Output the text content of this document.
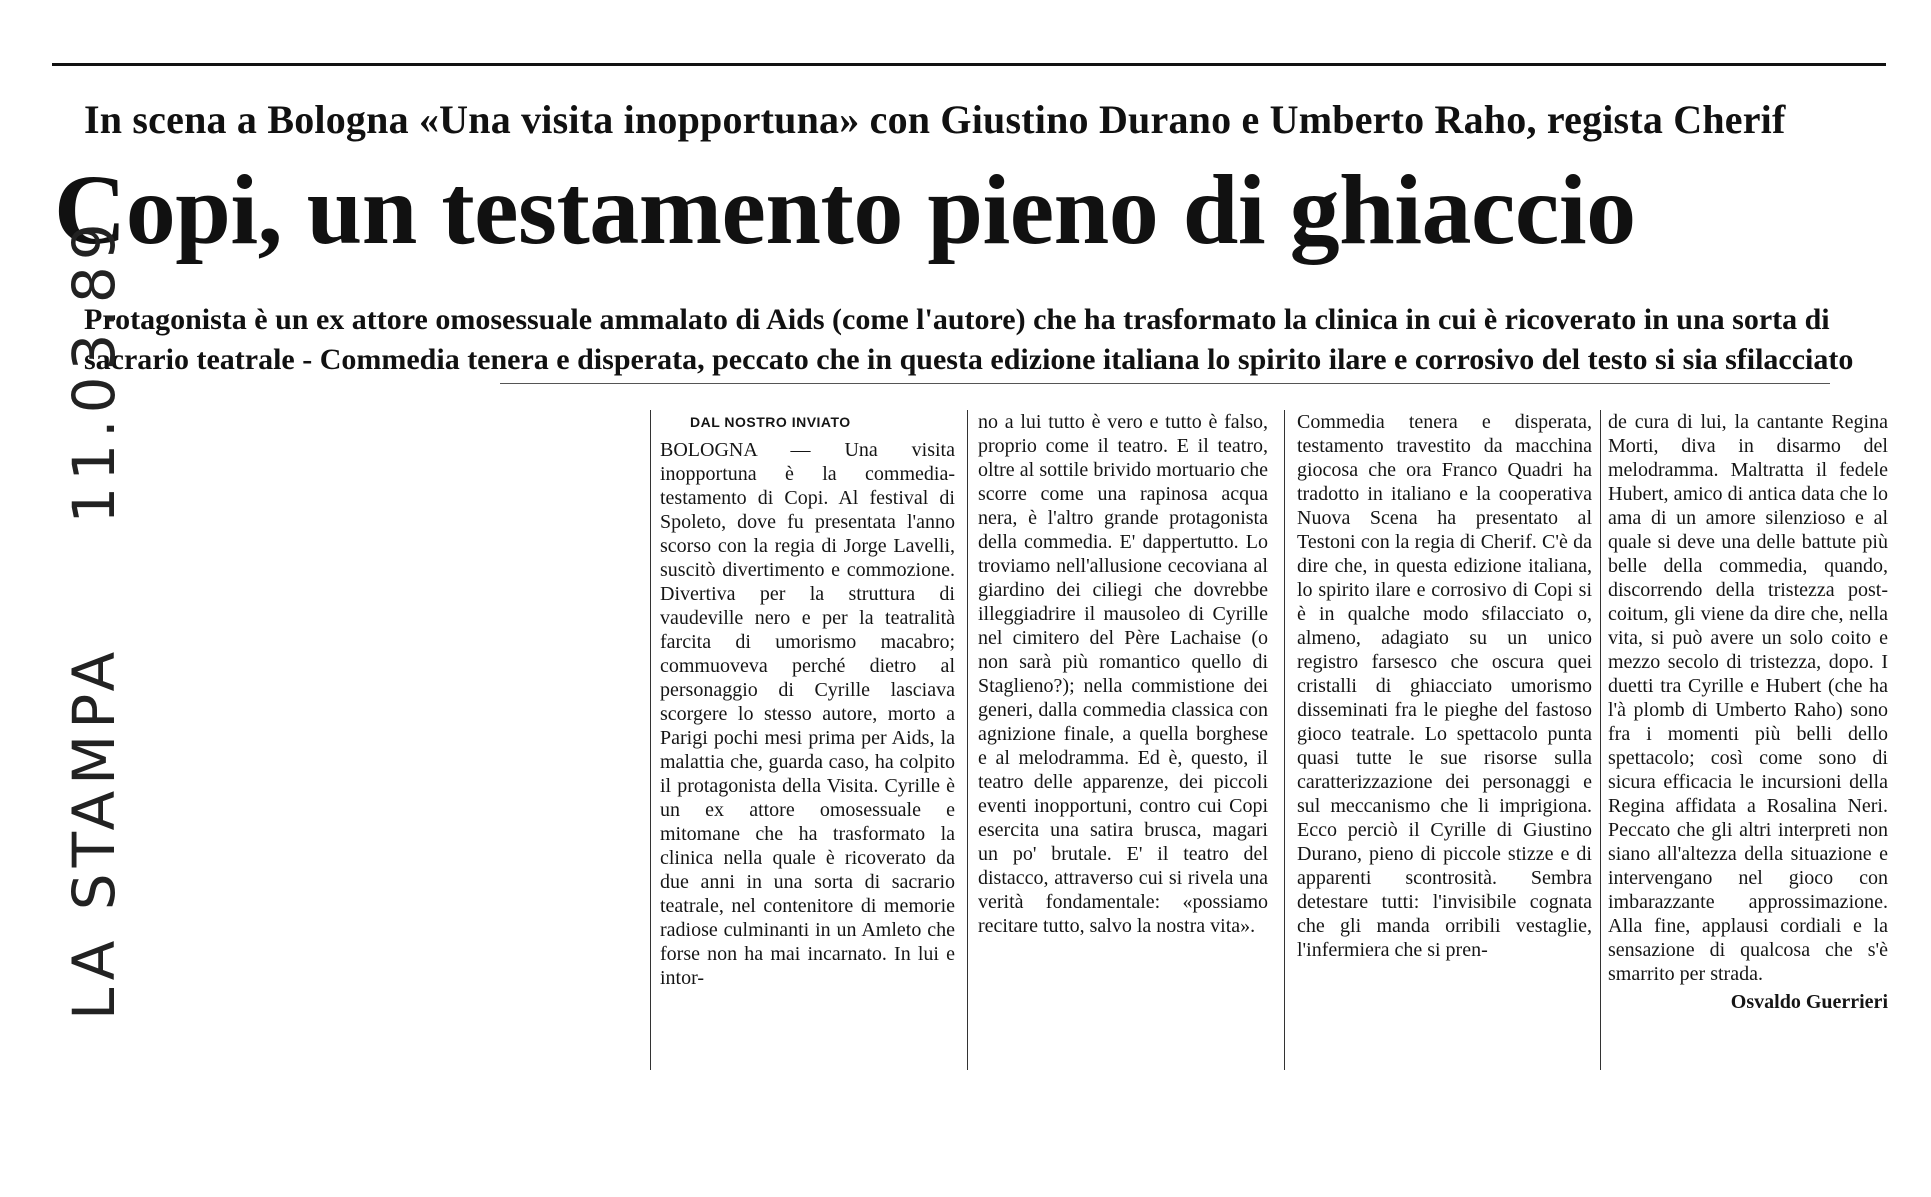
In scena a Bologna «Una visita inopportuna» con Giustino Durano e Umberto Raho, regista Cherif
Copi, un testamento pieno di ghiaccio
Protagonista è un ex attore omosessuale ammalato di Aids (come l'autore) che ha trasformato la clinica in cui è ricoverato in una sorta di
sacrario teatrale - Commedia tenera e disperata, peccato che in questa edizione italiana lo spirito ilare e corrosivo del testo si sia sfilacciato
LA STAMPA     11.03.89	DAL NOSTRO INVIATO

BOLOGNA — Una visita inopportuna è la commedia-testamento di Copi. Al festival di Spoleto, dove fu presentata l'anno scorso con la regia di Jorge Lavelli, suscitò divertimento e commozione. Divertiva per la struttura di vaudeville nero e per la teatralità farcita di umorismo macabro; commuoveva perché dietro al personaggio di Cyrille lasciava scorgere lo stesso autore, morto a Parigi pochi mesi prima per Aids, la malattia che, guarda caso, ha colpito il protagonista della Visita. Cyrille è un ex attore omosessuale e mitomane che ha trasformato la clinica nella quale è ricoverato da due anni in una sorta di sacrario teatrale, nel contenitore di memorie radiose culminanti in un Amleto che forse non ha mai incarnato. In lui e intor-

no a lui tutto è vero e tutto è falso, proprio come il teatro. E il teatro, oltre al sottile brivido mortuario che scorre come una rapinosa acqua nera, è l'altro grande protagonista della commedia. E' dappertutto. Lo troviamo nell'allusione cecoviana al giardino dei ciliegi che dovrebbe illeggiadrire il mausoleo di Cyrille nel cimitero del Père Lachaise (o non sarà più romantico quello di Staglieno?); nella commistione dei generi, dalla commedia classica con agnizione finale, a quella borghese e al melodramma. Ed è, questo, il teatro delle apparenze, dei piccoli eventi inopportuni, contro cui Copi esercita una satira brusca, magari un po' brutale. E' il teatro del distacco, attraverso cui si rivela una verità fondamentale: «possiamo recitare tutto, salvo la nostra vita».

Commedia tenera e disperata, testamento travestito da macchina giocosa che ora Franco Quadri ha tradotto in italiano e la cooperativa Nuova Scena ha presentato al Testoni con la regia di Cherif. C'è da dire che, in questa edizione italiana, lo spirito ilare e corrosivo di Copi si è in qualche modo sfilacciato o, almeno, adagiato su un unico registro farsesco che oscura quei cristalli di ghiacciato umorismo disseminati fra le pieghe del fastoso gioco teatrale. Lo spettacolo punta quasi tutte le sue risorse sulla caratterizzazione dei personaggi e sul meccanismo che li imprigiona. Ecco perciò il Cyrille di Giustino Durano, pieno di piccole stizze e di apparenti scontrosità. Sembra detestare tutti: l'invisibile cognata che gli manda orribili vestaglie, l'infermiera che si pren-

de cura di lui, la cantante Regina Morti, diva in disarmo del melodramma. Maltratta il fedele Hubert, amico di antica data che lo ama di un amore silenzioso e al quale si deve una delle battute più belle della commedia, quando, discorrendo della tristezza post-coitum, gli viene da dire che, nella vita, si può avere un solo coito e mezzo secolo di tristezza, dopo. I duetti tra Cyrille e Hubert (che ha l'à plomb di Umberto Raho) sono fra i momenti più belli dello spettacolo; così come sono di sicura efficacia le incursioni della Regina affidata a Rosalina Neri. Peccato che gli altri interpreti non siano all'altezza della situazione e intervengano nel gioco con imbarazzante approssimazione. Alla fine, applausi cordiali e la sensazione di qualcosa che s'è smarrito per strada.

Osvaldo Guerrieri
